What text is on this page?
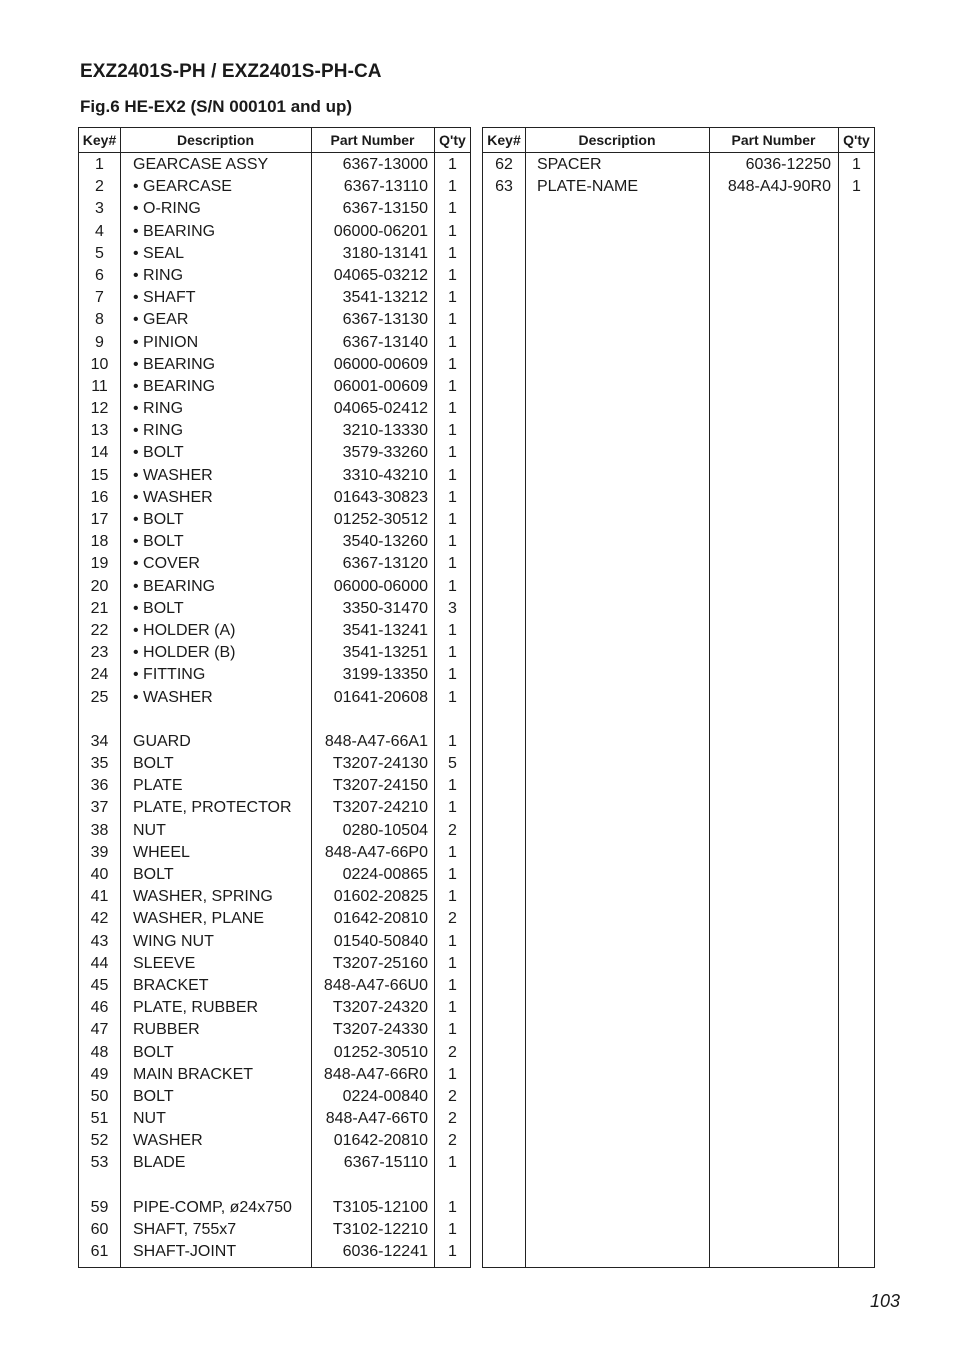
EXZ2401S-PH / EXZ2401S-PH-CA
Fig.6 HE-EX2 (S/N 000101 and up)
Key#	Description	Part Number	Q'ty
1	GEARCASE ASSY	6367-13000	1
2	• GEARCASE	6367-13110	1
3	• O-RING	6367-13150	1
4	• BEARING	06000-06201	1
5	• SEAL	3180-13141	1
6	• RING	04065-03212	1
7	• SHAFT	3541-13212	1
8	• GEAR	6367-13130	1
9	• PINION	6367-13140	1
10	• BEARING	06000-00609	1
11	• BEARING	06001-00609	1
12	• RING	04065-02412	1
13	• RING	3210-13330	1
14	• BOLT	3579-33260	1
15	• WASHER	3310-43210	1
16	• WASHER	01643-30823	1
17	• BOLT	01252-30512	1
18	• BOLT	3540-13260	1
19	• COVER	6367-13120	1
20	• BEARING	06000-06000	1
21	• BOLT	3350-31470	3
22	• HOLDER (A)	3541-13241	1
23	• HOLDER (B)	3541-13251	1
24	• FITTING	3199-13350	1
25	• WASHER	01641-20608	1
34	GUARD	848-A47-66A1	1
35	BOLT	T3207-24130	5
36	PLATE	T3207-24150	1
37	PLATE, PROTECTOR	T3207-24210	1
38	NUT	0280-10504	2
39	WHEEL	848-A47-66P0	1
40	BOLT	0224-00865	1
41	WASHER, SPRING	01602-20825	1
42	WASHER, PLANE	01642-20810	2
43	WING NUT	01540-50840	1
44	SLEEVE	T3207-25160	1
45	BRACKET	848-A47-66U0	1
46	PLATE, RUBBER	T3207-24320	1
47	RUBBER	T3207-24330	1
48	BOLT	01252-30510	2
49	MAIN BRACKET	848-A47-66R0	1
50	BOLT	0224-00840	2
51	NUT	848-A47-66T0	2
52	WASHER	01642-20810	2
53	BLADE	6367-15110	1
59	PIPE-COMP, ø24x750	T3105-12100	1
60	SHAFT, 755x7	T3102-12210	1
61	SHAFT-JOINT	6036-12241	1
Key#	Description	Part Number	Q'ty
62	SPACER	6036-12250	1
63	PLATE-NAME	848-A4J-90R0	1
103
